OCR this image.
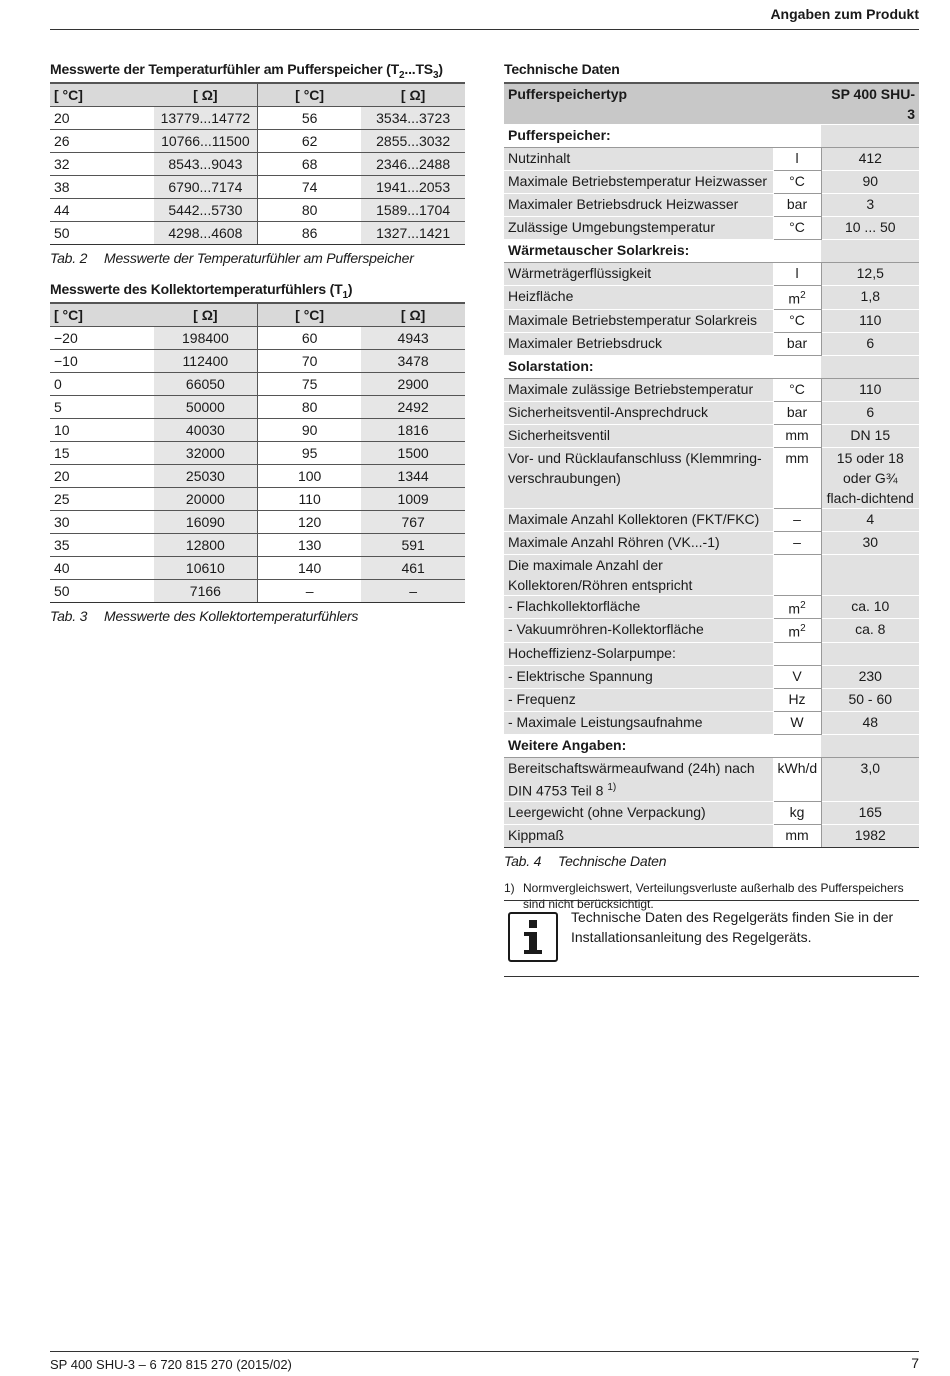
Angaben zum Produkt
Messwerte der Temperaturfühler am Pufferspeicher $(T_2...TS_3)$
[ °C]	[ Ω]	[ °C]	[ Ω]
20	13779...14772	56	3534...3723
26	10766...11500	62	2855...3032
32	8543...9043	68	2346...2488
38	6790...7174	74	1941...2053
44	5442...5730	80	1589...1704
50	4298...4608	86	1327...1421
Tab. 2 Messwerte der Temperaturfühler am Pufferspeicher
Messwerte des Kollektortemperaturfühlers $(T_1)$
[ °C]	[ Ω]	[ °C]	[ Ω]
−20	198400	60	4943
−10	112400	70	3478
0	66050	75	2900
5	50000	80	2492
10	40030	90	1816
15	32000	95	1500
20	25030	100	1344
25	20000	110	1009
30	16090	120	767
35	12800	130	591
40	10610	140	461
50	7166	–	–
Tab. 3 Messwerte des Kollektortemperaturfühlers
Technische Daten
Pufferspeichertyp		SP 400 SHU-3
Pufferspeicher:		
Nutzinhalt	l	412
Maximale Betriebstemperatur Heizwasser	°C	90
Maximaler Betriebsdruck Heizwasser	bar	3
Zulässige Umgebungstemperatur	°C	10 ... 50
Wärmetauscher Solarkreis:		
Wärmeträgerflüssigkeit	l	12,5
Heizfläche	$m^2$	1,8
Maximale Betriebstemperatur Solarkreis	°C	110
Maximaler Betriebsdruck	bar	6
Solarstation:		
Maximale zulässige Betriebstemperatur	°C	110
Sicherheitsventil-Ansprechdruck	bar	6
Sicherheitsventil	mm	DN 15
Vor- und Rücklaufanschluss (Klemmring-verschraubungen)	mm	15 oder 18 oder G¾ flach-dichtend
Maximale Anzahl Kollektoren (FKT/FKC)	–	4
Maximale Anzahl Röhren (VK...-1)	–	30
Die maximale Anzahl der Kollektoren/Röhren entspricht		
- Flachkollektorfläche	$m^2$	ca. 10
- Vakuumröhren-Kollektorfläche	$m^2$	ca. 8
Hocheffizienz-Solarpumpe:		
- Elektrische Spannung	V	230
- Frequenz	Hz	50 - 60
- Maximale Leistungsaufnahme	W	48
Weitere Angaben:		
Bereitschaftswärmeaufwand (24h) nach DIN 4753 Teil 8 $^{1)}$	kWh/d	3,0
Leergewicht (ohne Verpackung)	kg	165
Kippmaß	mm	1982
Tab. 4 Technische Daten
1) Normvergleichswert, Verteilungsverluste außerhalb des Pufferspeichers sind nicht berücksichtigt.
Technische Daten des Regelgeräts finden Sie in der Installationsanleitung des Regelgeräts.
SP 400 SHU-3 – 6 720 815 270 (2015/02)	7
